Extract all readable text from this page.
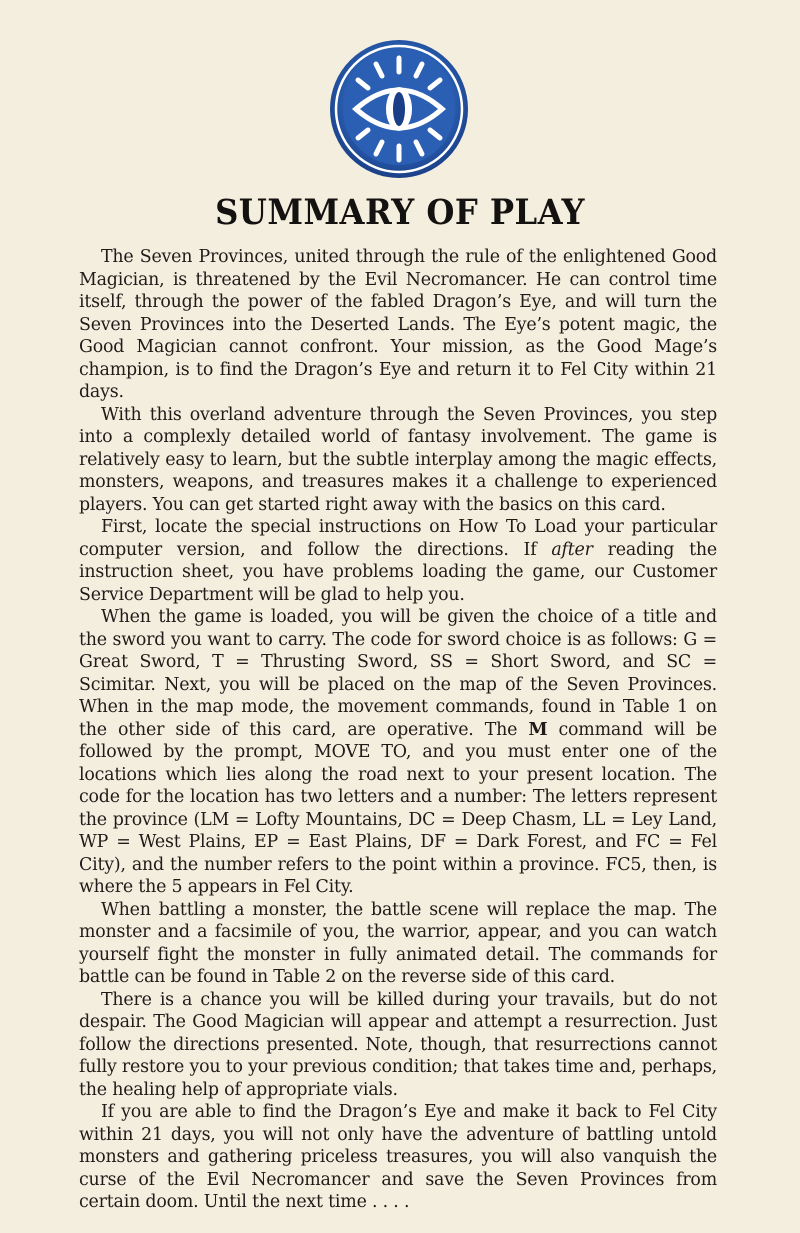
SUMMARY OF PLAY

The Seven Provinces, united through the rule of the enlightened Good Magician, is threatened by the Evil Necromancer. He can control time itself, through the power of the fabled Dragon’s Eye, and will turn the Seven Provinces into the Deserted Lands. The Eye’s potent magic, the Good Magician cannot confront. Your mission, as the Good Mage’s champion, is to find the Dragon’s Eye and return it to Fel City within 21 days.

With this overland adventure through the Seven Provinces, you step into a complexly detailed world of fantasy involvement. The game is relatively easy to learn, but the subtle interplay among the magic effects, monsters, weapons, and treasures makes it a challenge to experienced players. You can get started right away with the basics on this card.

First, locate the special instructions on How To Load your particular computer version, and follow the directions. If after reading the instruction sheet, you have problems loading the game, our Customer Service Department will be glad to help you.

When the game is loaded, you will be given the choice of a title and the sword you want to carry. The code for sword choice is as follows: G = Great Sword, T = Thrusting Sword, SS = Short Sword, and SC = Scimitar. Next, you will be placed on the map of the Seven Provinces. When in the map mode, the movement commands, found in Table 1 on the other side of this card, are operative. The M command will be followed by the prompt, MOVE TO, and you must enter one of the locations which lies along the road next to your present location. The code for the location has two letters and a number: The letters represent the province (LM = Lofty Mountains, DC = Deep Chasm, LL = Ley Land, WP = West Plains, EP = East Plains, DF = Dark Forest, and FC = Fel City), and the number refers to the point within a province. FC5, then, is where the 5 appears in Fel City.

When battling a monster, the battle scene will replace the map. The monster and a facsimile of you, the warrior, appear, and you can watch yourself fight the monster in fully animated detail. The commands for battle can be found in Table 2 on the reverse side of this card.

There is a chance you will be killed during your travails, but do not despair. The Good Magician will appear and attempt a resurrection. Just follow the directions presented. Note, though, that resurrections cannot fully restore you to your previous condition; that takes time and, perhaps, the healing help of appropriate vials.

If you are able to find the Dragon’s Eye and make it back to Fel City within 21 days, you will not only have the adventure of battling untold monsters and gathering priceless treasures, you will also vanquish the curse of the Evil Necromancer and save the Seven Provinces from certain doom. Until the next time . . . .
